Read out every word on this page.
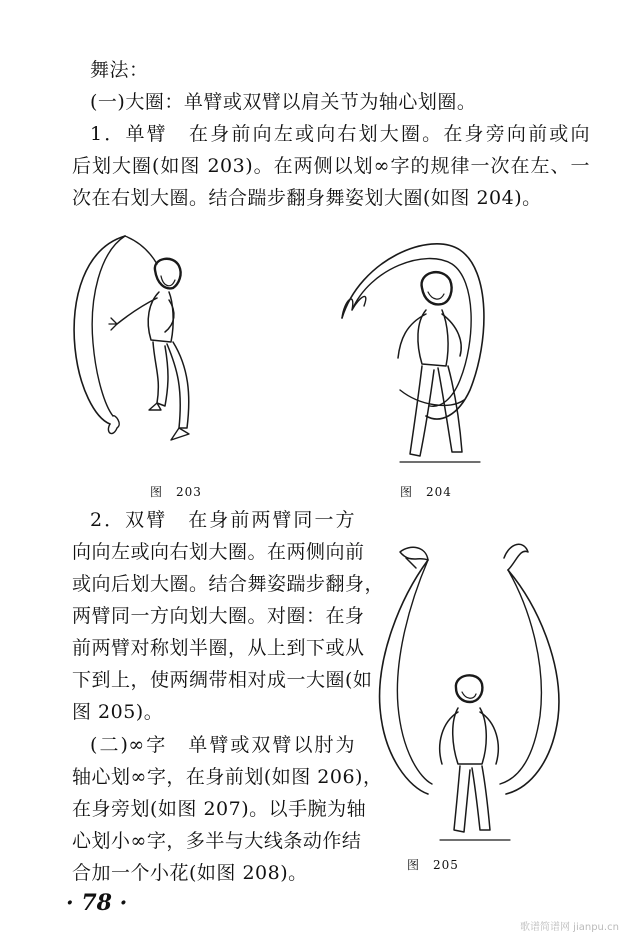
舞法：
(一)大圈：单臂或双臂以肩关节为轴心划圈。
1．单臂　在身前向左或向右划大圈。在身旁向前或向
后划大圈(如图 203)。在两侧以划∞字的规律一次在左、一
次在右划大圈。结合踹步翻身舞姿划大圈(如图 204)。
图　203	图　204
2．双臂　在身前两臂同一方
向向左或向右划大圈。在两侧向前
或向后划大圈。结合舞姿踹步翻身，
两臂同一方向划大圈。对圈：在身
前两臂对称划半圈，从上到下或从
下到上，使两绸带相对成一大圈(如
图 205)。
(二)∞字　单臂或双臂以肘为
轴心划∞字，在身前划(如图 206)，
在身旁划(如图 207)。以手腕为轴
心划小∞字，多半与大线条动作结
合加一个小花(如图 208)。	图　205
· 78 ·
歌谱简谱网 jianpu.cn
